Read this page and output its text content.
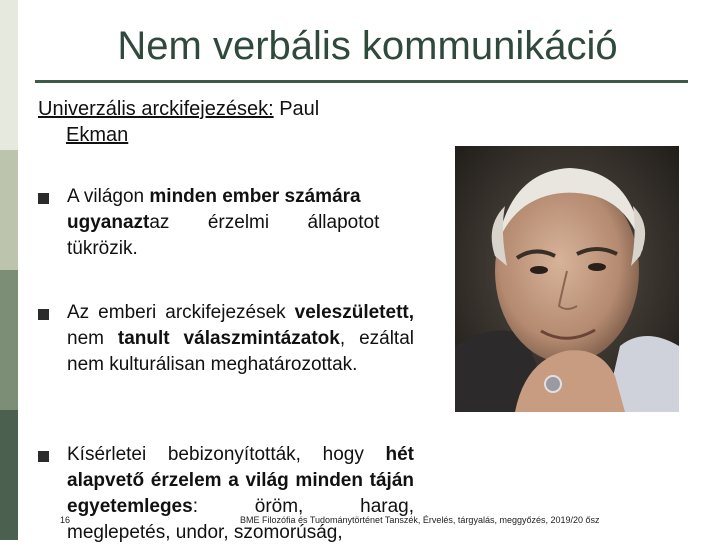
Nem verbális kommunikáció
Univerzális arckifejezések: Paul
Ekman
A világon minden ember számára
ugyanaztaz érzelmi állapotot
tükrözik.
Az emberi arckifejezések veleszületett, nem tanult válaszmintázatok, ezáltal nem kulturálisan meghatározottak.
Kísérletei bebizonyították, hogy hét alapvető érzelem a világ minden táján egyetemleges: öröm, harag, meglepetés, undor, szomorúság,
16	BME Filozófia és Tudománytörténet Tanszék, Érvelés, tárgyalás, meggyőzés, 2019/20 ősz
